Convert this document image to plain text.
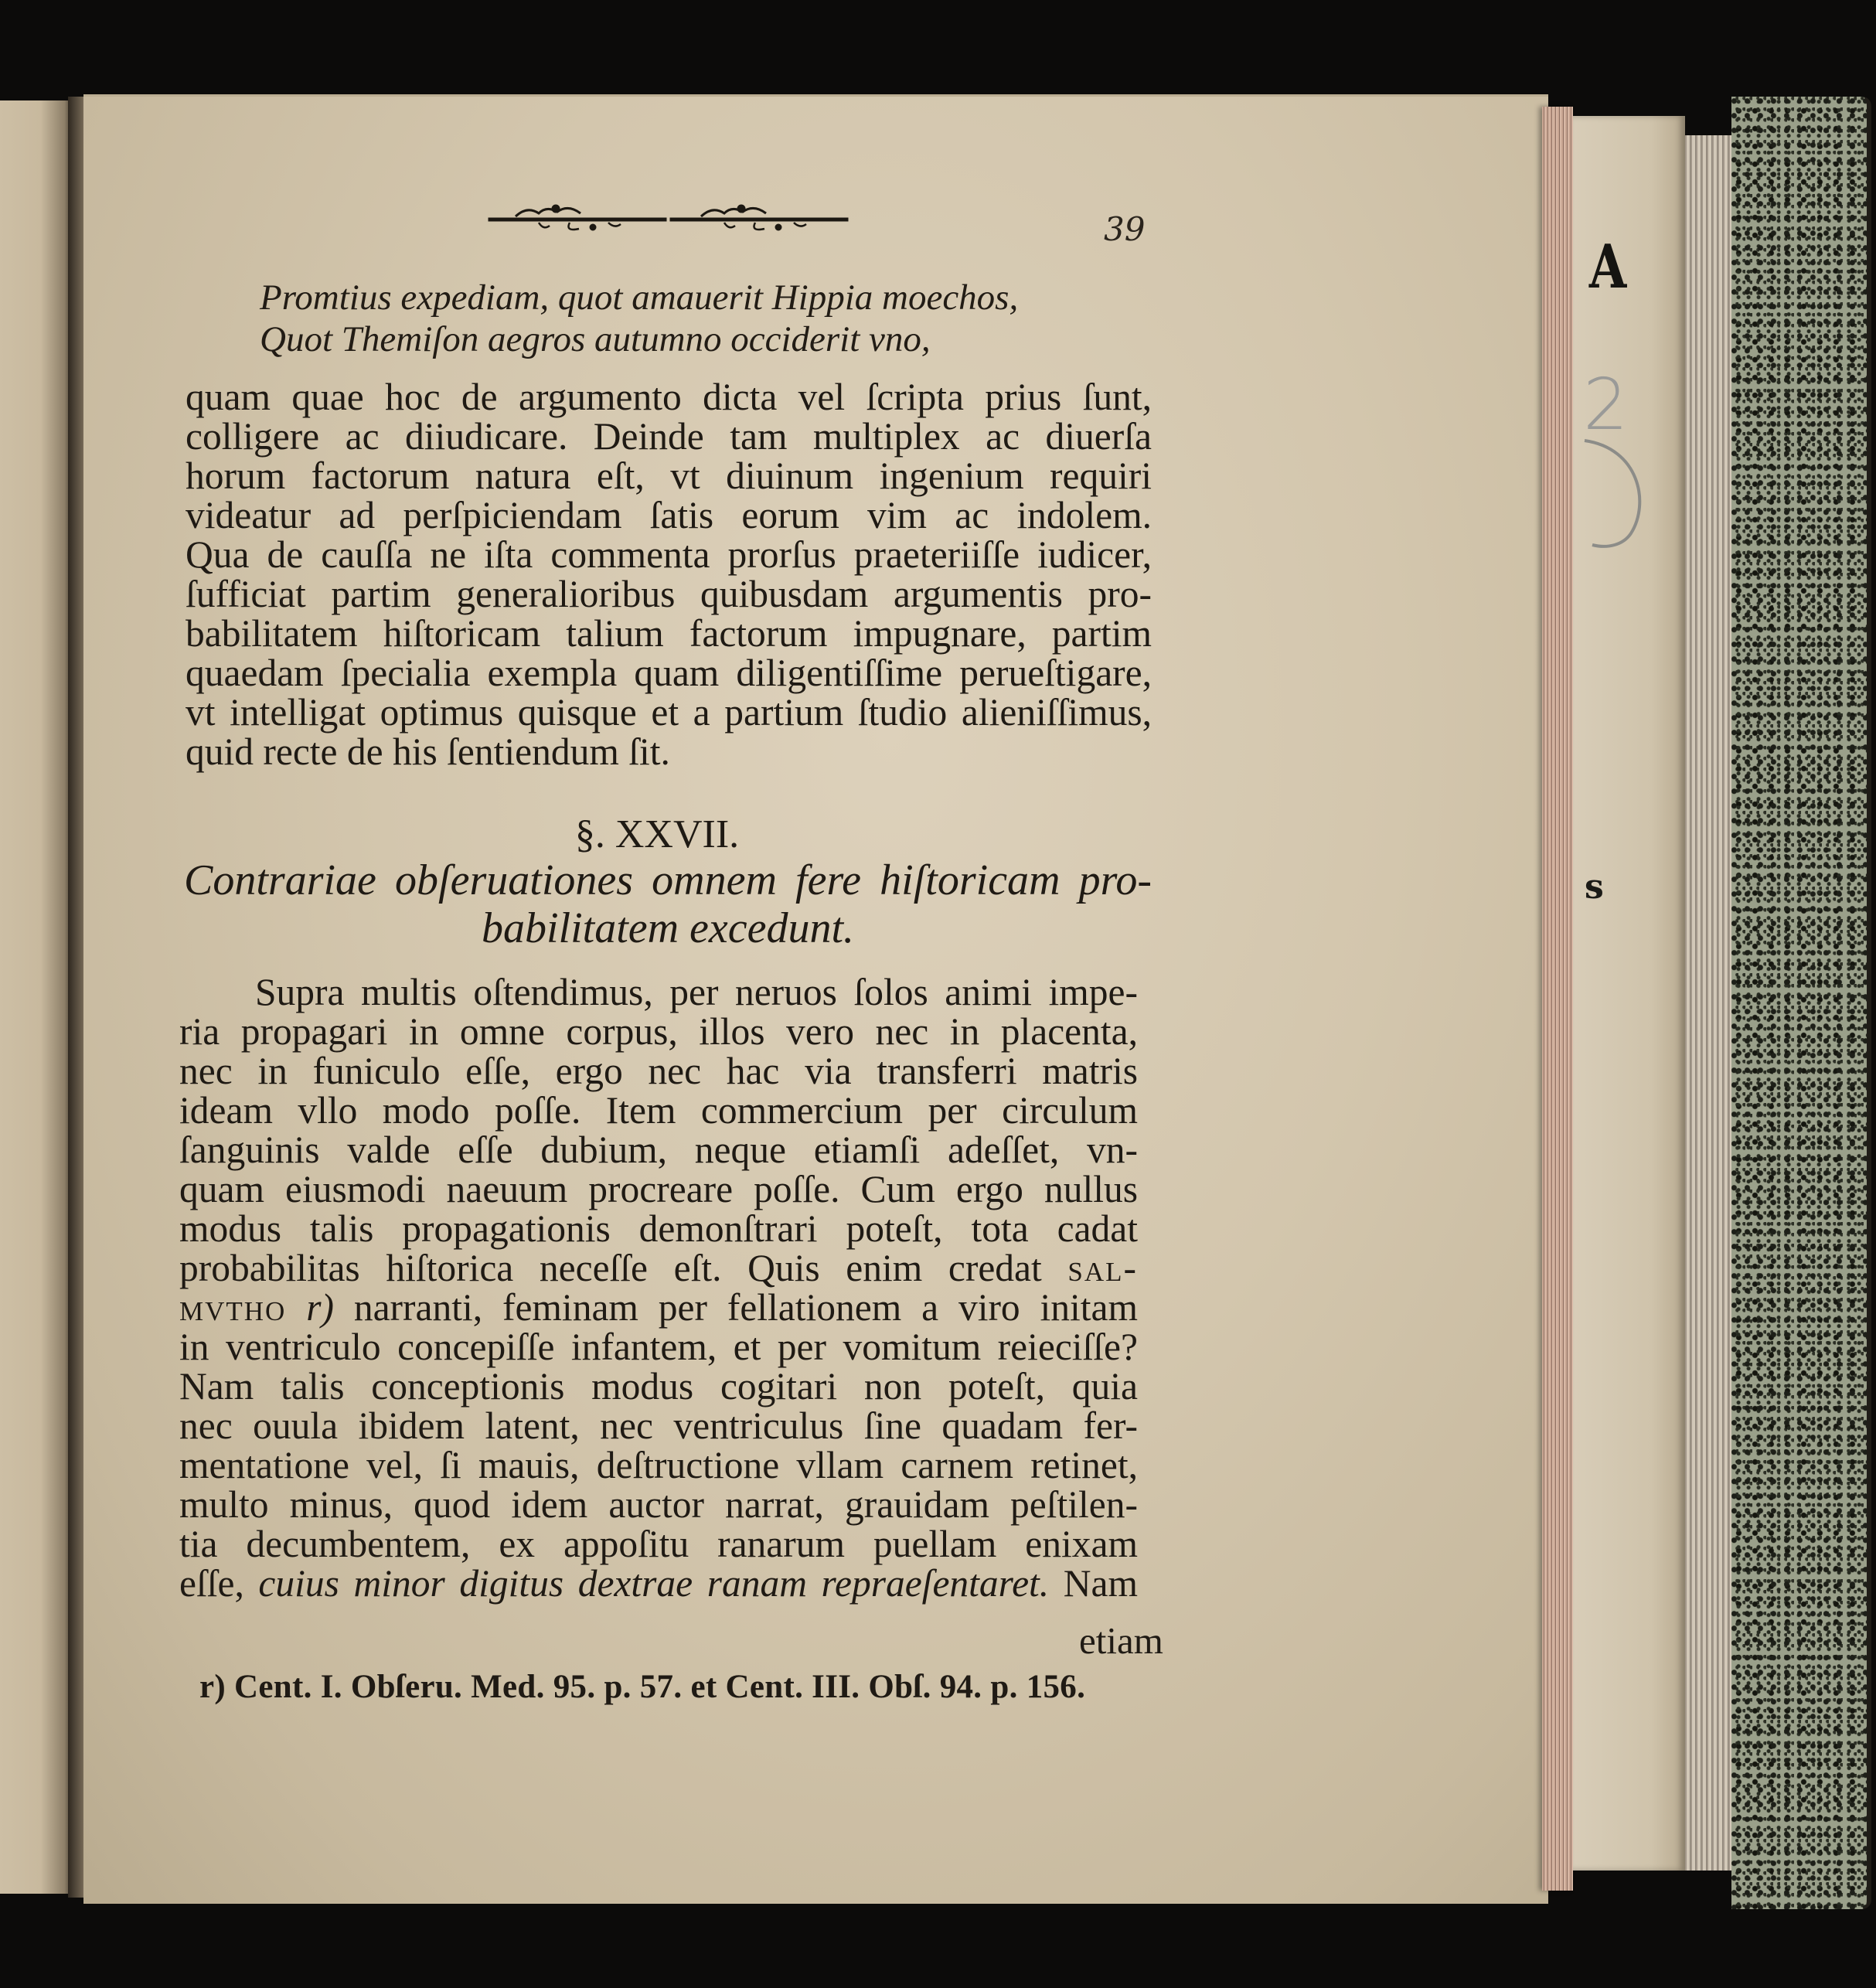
A
2
s
39
Promtius expediam, quot amauerit Hippia moechos,
Quot Themiſon aegros autumno occiderit vno,
quam quae hoc de argumento dicta vel ſcripta prius ſunt,
colligere ac diiudicare. Deinde tam multiplex ac diuerſa
horum factorum natura eſt, vt diuinum ingenium requiri
videatur ad perſpiciendam ſatis eorum vim ac indolem.
Qua de cauſſa ne iſta commenta prorſus praeteriiſſe iudicer,
ſufficiat partim generalioribus quibusdam argumentis pro-
babilitatem hiſtoricam talium factorum impugnare, partim
quaedam ſpecialia exempla quam diligentiſſime perueſtigare,
vt intelligat optimus quisque et a partium ſtudio alieniſſimus,
quid recte de his ſentiendum ſit.
§. XXVII.
Contrariae obſeruationes omnem fere hiſtoricam pro-
babilitatem excedunt.
Supra multis oſtendimus, per neruos ſolos animi impe-
ria propagari in omne corpus, illos vero nec in placenta,
nec in funiculo eſſe, ergo nec hac via transferri matris
ideam vllo modo poſſe. Item commercium per circulum
ſanguinis valde eſſe dubium, neque etiamſi adeſſet, vn-
quam eiusmodi naeuum procreare poſſe. Cum ergo nullus
modus talis propagationis demonſtrari poteſt, tota cadat
probabilitas hiſtorica neceſſe eſt. Quis enim credat sal-
mvtho r) narranti, feminam per fellationem a viro initam
in ventriculo concepiſſe infantem, et per vomitum reieciſſe?
Nam talis conceptionis modus cogitari non poteſt, quia
nec ouula ibidem latent, nec ventriculus ſine quadam fer-
mentatione vel, ſi mauis, deſtructione vllam carnem retinet,
multo minus, quod idem auctor narrat, grauidam peſtilen-
tia decumbentem, ex appoſitu ranarum puellam enixam
eſſe, cuius minor digitus dextrae ranam repraeſentaret. Nam
etiam
r) Cent. I. Obſeru. Med. 95. p. 57. et Cent. III. Obſ. 94. p. 156.
